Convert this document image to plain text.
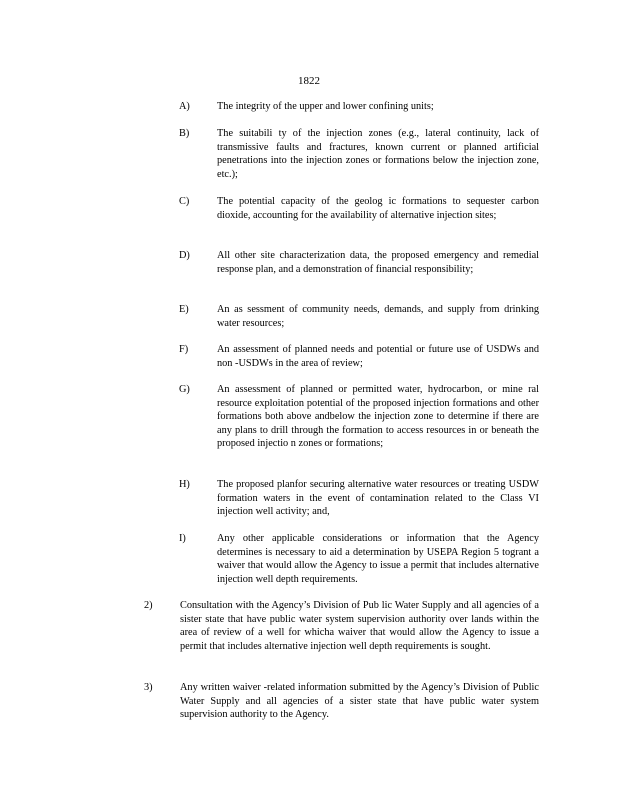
1822
A)	The integrity of the upper and lower confining units;
B)	The suitabili ty of the injection zones (e.g., lateral continuity, lack of transmissive faults and fractures, known current or planned artificial penetrations into the injection zones or formations below the injection zone, etc.);
C)	The potential capacity of the geolog ic formations to sequester carbon dioxide, accounting for the availability of alternative injection sites;
D)	All other site characterization data, the proposed emergency and remedial response plan, and a demonstration of financial responsibility;
E)	An as sessment of community needs, demands, and supply from drinking water resources;
F)	An assessment of planned needs and potential or future use of USDWs and non -USDWs in the area of review;
G)	An assessment of planned or permitted water, hydrocarbon, or mine ral resource exploitation potential of the proposed injection formations and other formations both above andbelow the injection zone to determine if there are any plans to drill through the formation to access resources in or beneath the proposed injectio n zones or formations;
H)	The proposed planfor securing alternative water resources or treating USDW formation waters in the event of contamination related to the Class VI injection well activity; and,
I)	Any other applicable considerations or information that the Agency determines is necessary to aid a determination by USEPA Region 5 togrant a waiver that would allow the Agency to issue a permit that includes alternative injection well depth requirements.
2)	Consultation with the Agency’s Division of Pub lic Water Supply and all agencies of a sister state that have public water system supervision authority over lands within the area of review of a well for whicha waiver that would allow the Agency to issue a permit that includes alternative injection well depth requirements is sought.
3)	Any written waiver -related information submitted by the Agency’s Division of Public Water Supply and all agencies of a sister state that have public water system supervision authority to the Agency.
